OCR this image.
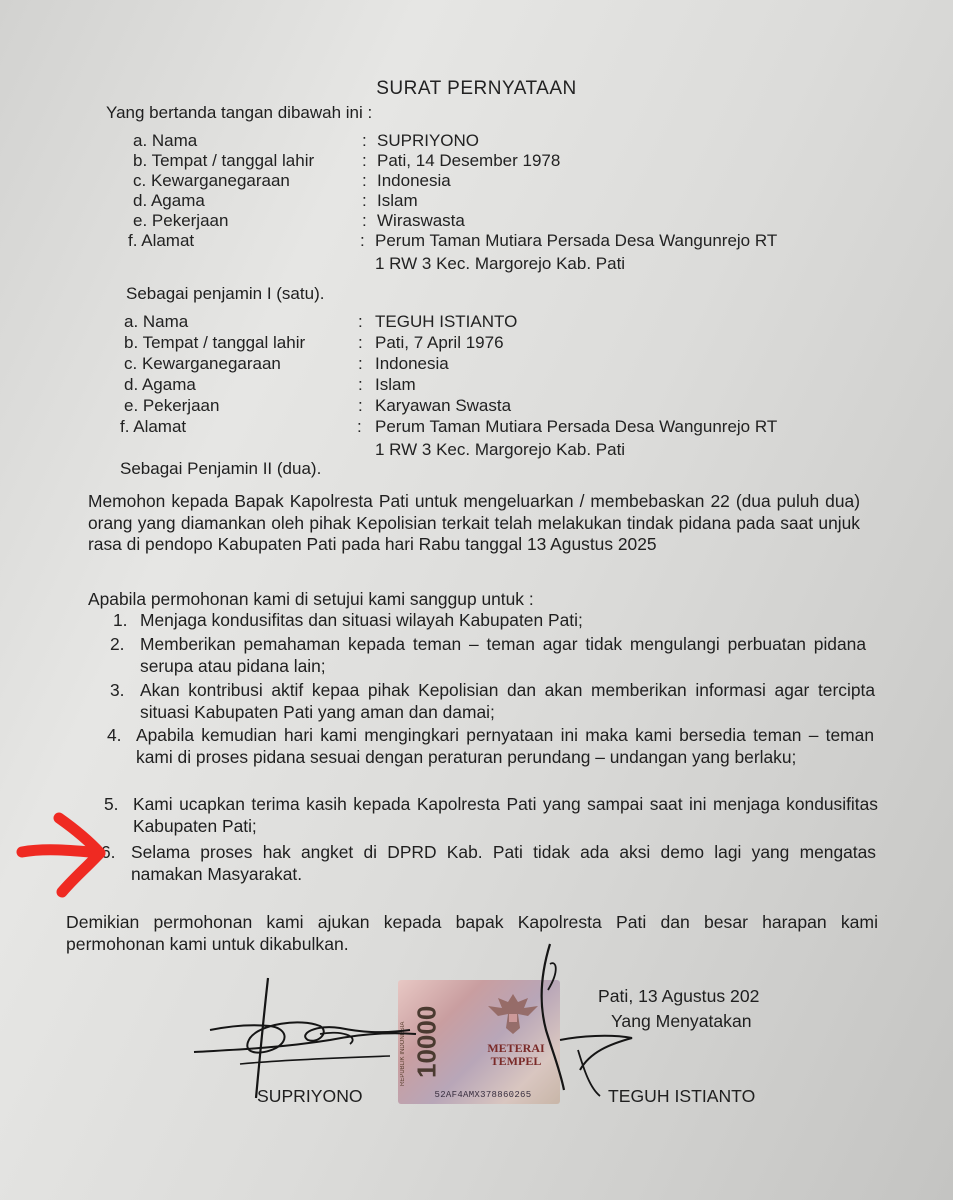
SURAT PERNYATAAN
Yang bertanda tangan dibawah ini :
a. Nama	: SUPRIYONO
b. Tempat / tanggal lahir	: Pati, 14 Desember 1978
c. Kewarganegaraan	: Indonesia
d. Agama	: Islam
e. Pekerjaan	: Wiraswasta
f. Alamat	: Perum Taman Mutiara Persada Desa Wangunrejo RT
1 RW 3 Kec. Margorejo Kab. Pati
Sebagai penjamin I (satu).
a. Nama	: TEGUH ISTIANTO
b. Tempat / tanggal lahir	: Pati, 7 April 1976
c. Kewarganegaraan	: Indonesia
d. Agama	: Islam
e. Pekerjaan	: Karyawan Swasta
f. Alamat	: Perum Taman Mutiara Persada Desa Wangunrejo RT
1 RW 3 Kec. Margorejo Kab. Pati
Sebagai Penjamin II (dua).
Memohon kepada Bapak Kapolresta Pati untuk mengeluarkan / membebaskan 22 (dua puluh dua) orang yang diamankan oleh pihak Kepolisian terkait telah melakukan tindak pidana pada saat unjuk rasa di pendopo Kabupaten Pati pada hari Rabu tanggal 13 Agustus 2025
Apabila permohonan kami di setujui kami sanggup untuk :
1. Menjaga kondusifitas dan situasi wilayah Kabupaten Pati;
2. Memberikan pemahaman kepada teman – teman agar tidak mengulangi perbuatan pidana serupa atau pidana lain;
3. Akan kontribusi aktif kepaa pihak Kepolisian dan akan memberikan informasi agar tercipta situasi Kabupaten Pati yang aman dan damai;
4. Apabila kemudian hari kami mengingkari pernyataan ini maka kami bersedia teman – teman kami di proses pidana sesuai dengan peraturan perundang – undangan yang berlaku;
5. Kami ucapkan terima kasih kepada Kapolresta Pati yang sampai saat ini menjaga kondusifitas Kabupaten Pati;
6. Selama proses hak angket di DPRD Kab. Pati tidak ada aksi demo lagi yang mengatas namakan Masyarakat.
Demikian permohonan kami ajukan kepada bapak Kapolresta Pati dan besar harapan kami permohonan kami untuk dikabulkan.
Pati, 13 Agustus 202
Yang Menyatakan
REPUBLIK INDONESIA 10000	METERAI
TEMPEL
52AF4AMX378860265
SUPRIYONO	TEGUH ISTIANTO
